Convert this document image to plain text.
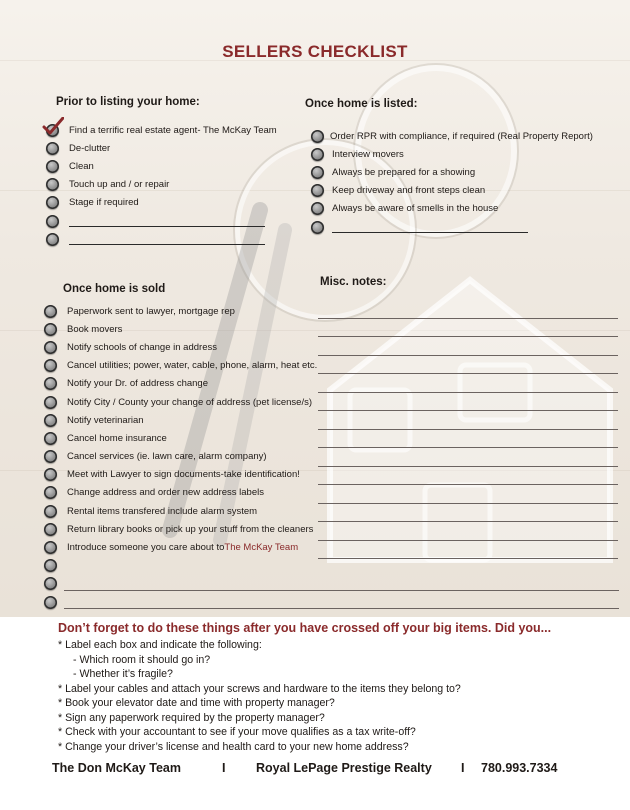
SELLERS CHECKLIST
Prior to listing your home:
Find a terrific real estate agent- The McKay Team
De-clutter
Clean
Touch up and / or repair
Stage if required
Once home is listed:
Order RPR with compliance, if required (Real Property Report)
Interview movers
Always be prepared for a showing
Keep driveway and front steps clean
Always be aware of smells in the house
Once home is sold
Paperwork sent to lawyer, mortgage rep
Book movers
Notify schools of change in address
Cancel utilities; power, water, cable, phone, alarm, heat etc.
Notify your Dr. of address change
Notify City / County your change of address (pet license/s)
Notify veterinarian
Cancel home insurance
Cancel services (ie. lawn care, alarm company)
Meet with Lawyer to sign documents-take identification!
Change address and order new address labels
Rental items transfered include alarm system
Return library books or pick up your stuff from the cleaners
Introduce someone you care about to The McKay Team
Misc. notes:

Don’t forget to do these things after you have crossed off your big items. Did you...

* Label each box and indicate the following:
- Which room it should go in?
- Whether it’s fragile?
* Label your cables and attach your screws and hardware to the items they belong to?
* Book your elevator date and time with property manager?
* Sign any paperwork required by the property manager?
* Check with your accountant to see if your move qualifies as a tax write-off?
* Change your driver’s license and health card to your new home address?
The Don McKay Team	I Royal LePage Prestige Realty I 780.993.7334
